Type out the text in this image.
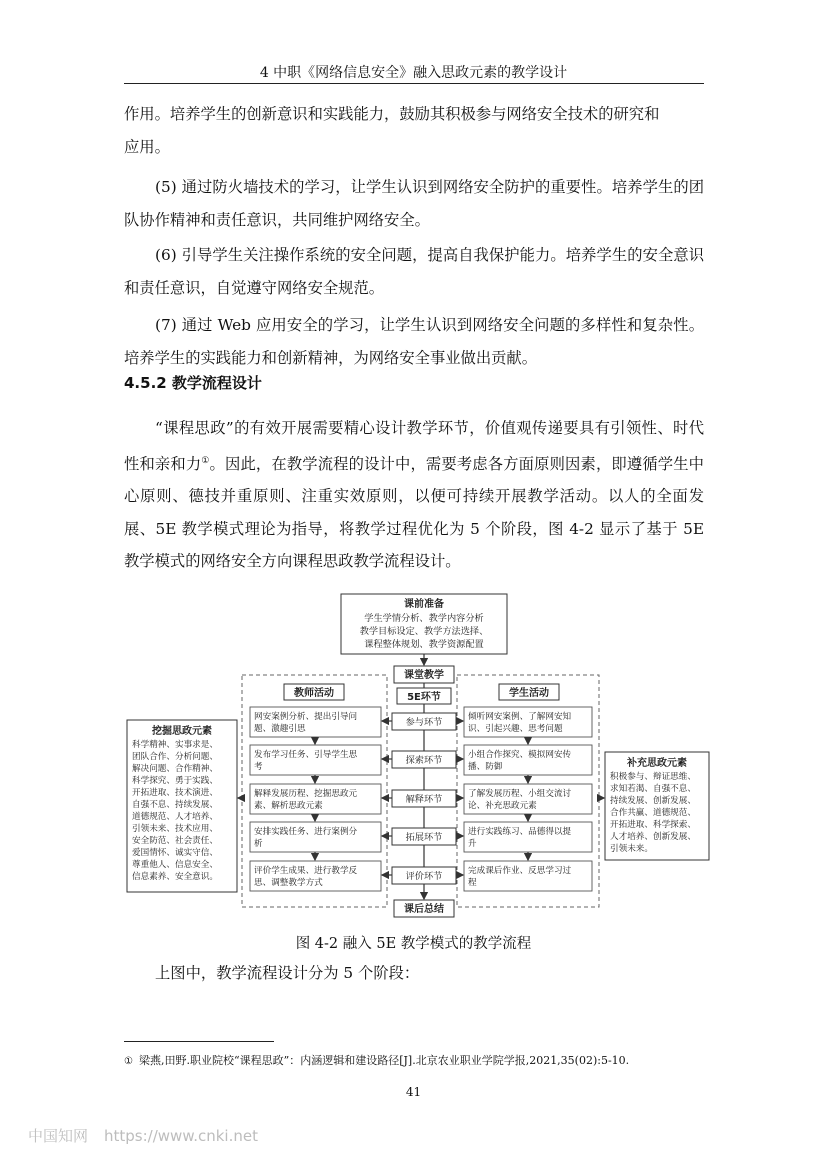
4 中职《网络信息安全》融入思政元素的教学设计

作用。培养学生的创新意识和实践能力，鼓励其积极参与网络安全技术的研究和
应用。

(5) 通过防火墙技术的学习，让学生认识到网络安全防护的重要性。培养学生的团队协作精神和责任意识，共同维护网络安全。

(6) 引导学生关注操作系统的安全问题，提高自我保护能力。培养学生的安全意识和责任意识，自觉遵守网络安全规范。

(7) 通过 Web 应用安全的学习，让学生认识到网络安全问题的多样性和复杂性。培养学生的实践能力和创新精神，为网络安全事业做出贡献。

4.5.2 教学流程设计

“课程思政”的有效开展需要精心设计教学环节，价值观传递要具有引领性、时代性和亲和力①。因此，在教学流程的设计中，需要考虑各方面原则因素，即遵循学生中心原则、德技并重原则、注重实效原则，以便可持续开展教学活动。以人的全面发展、5E 教学模式理论为指导，将教学过程优化为 5 个阶段，图 4-2 显示了基于 5E 教学模式的网络安全方向课程思政教学流程设计。

课前准备
学生学情分析、教学内容分析
教学目标设定、教学方法选择、
课程整体规划、教学资源配置
课堂教学
教师活动	学生活动
5E环节
参与环节
探索环节
解释环节
拓展环节
评价环节
网安案例分析、提出引导问
题、激趣引思
发布学习任务、引导学生思
考
解释发展历程、挖掘思政元
素、解析思政元素
安排实践任务、进行案例分
析
评价学生成果、进行教学反
思、调整教学方式
倾听网安案例、了解网安知
识、引起兴趣、思考问题
小组合作探究、模拟网安传
播、防御
了解发展历程、小组交流讨
论、补充思政元素
进行实践练习、品德得以提
升
完成课后作业、反思学习过
程
课后总结
挖掘思政元素
科学精神、实事求是、
团队合作、分析问题、
解决问题、合作精神、
科学探究、勇于实践、
开拓进取、技术演进、
自强不息、持续发展、
道德规范、人才培养、
引领未来、技术应用、
安全防范、社会责任、
爱国情怀、诚实守信、
尊重他人、信息安全、
信息素养、安全意识。
补充思政元素
积极参与、辩证思维、
求知若渴、自强不息、
持续发展、创新发展、
合作共赢、道德规范、
开拓进取、科学探索、
人才培养、创新发展、
引领未来。
图 4-2 融入 5E 教学模式的教学流程
上图中，教学流程设计分为 5 个阶段：
① 梁燕,田野.职业院校“课程思政”：内涵逻辑和建设路径[J].北京农业职业学院学报,2021,35(02):5-10.
41
中国知网 https://www.cnki.net
